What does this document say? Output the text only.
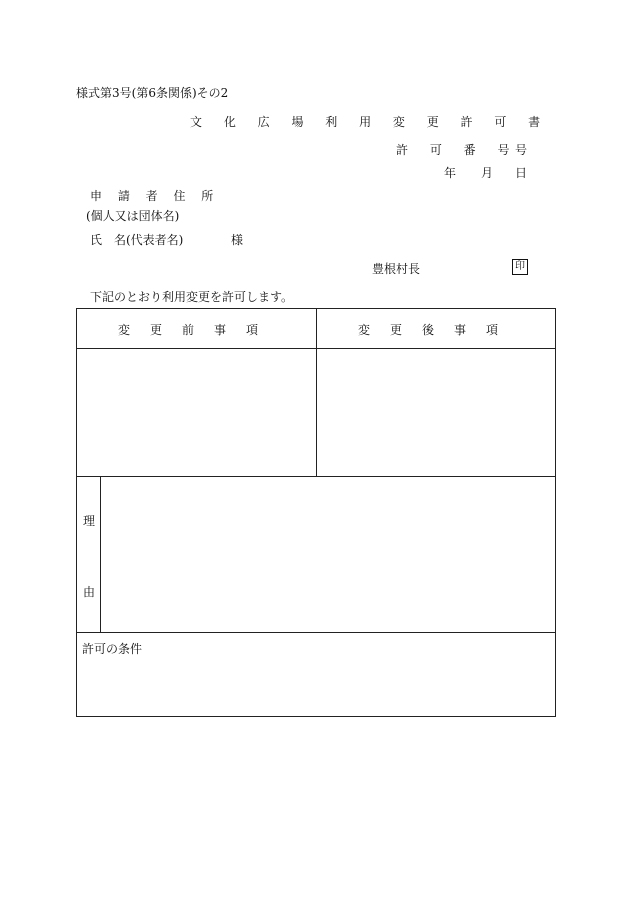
様式第3号(第6条関係)その2
文 化 広 場 利 用 変 更 許 可 書
許 可 番 号
号
年 月 日
申 請 者 住 所
(個人又は団体名)
氏　名(代表者名)	様
豊根村長	印
下記のとおり利用変更を許可します。
変更前事項	変更後事項
理
由
許可の条件
